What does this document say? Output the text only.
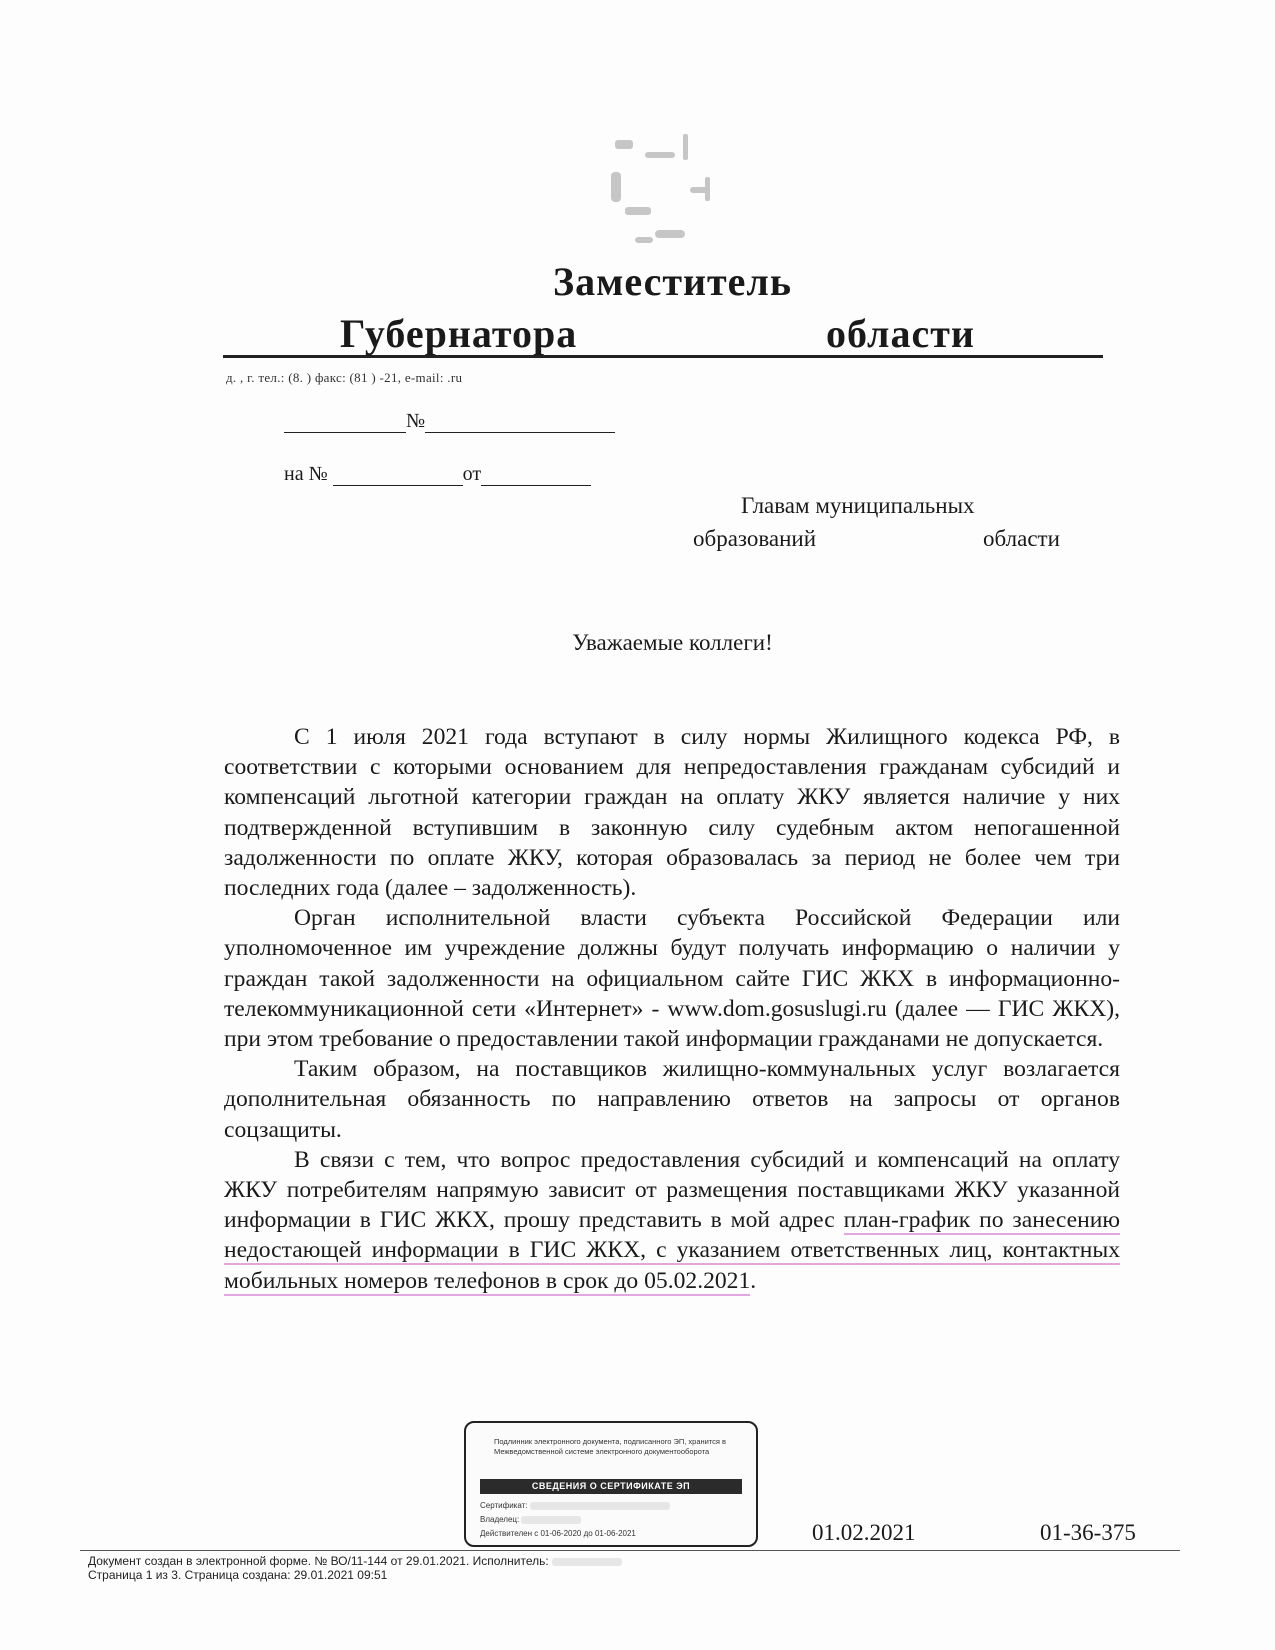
Заместитель
Губернатора	области
д. , г. тел.: (8. ) факс: (81 ) -21, e-mail: .ru
№
на №	от
Главам муниципальных
образований	области
Уважаемые коллеги!

С 1 июля 2021 года вступают в силу нормы Жилищного кодекса РФ, в соответствии с которыми основанием для непредоставления гражданам субсидий и компенсаций льготной категории граждан на оплату ЖКУ является наличие у них подтвержденной вступившим в законную силу судебным актом непогашенной задолженности по оплате ЖКУ, которая образовалась за период не более чем три последних года (далее – задолженность).

Орган исполнительной власти субъекта Российской Федерации или уполномоченное им учреждение должны будут получать информацию о наличии у граждан такой задолженности на официальном сайте ГИС ЖКХ в информационно-телекоммуникационной сети «Интернет» - www.dom.gosuslugi.ru (далее — ГИС ЖКХ), при этом требование о предоставлении такой информации гражданами не допускается.

Таким образом, на поставщиков жилищно-коммунальных услуг возлагается дополнительная обязанность по направлению ответов на запросы от органов соцзащиты.

В связи с тем, что вопрос предоставления субсидий и компенсаций на оплату ЖКУ потребителям напрямую зависит от размещения поставщиками ЖКУ указанной информации в ГИС ЖКХ, прошу представить в мой адрес план-график по занесению недостающей информации в ГИС ЖКХ, с указанием ответственных лиц, контактных мобильных номеров телефонов в срок до 05.02.2021.

Подлинник электронного документа, подписанного ЭП, хранится в Межведомственной системе электронного документооборота
СВЕДЕНИЯ О СЕРТИФИКАТЕ ЭП
Сертификат:
Владелец:
Действителен с 01-06-2020 до 01-06-2021	01.02.2021	01-36-375
Документ создан в электронной форме. № ВО/11-144 от 29.01.2021. Исполнитель:
Страница 1 из 3. Страница создана: 29.01.2021 09:51
